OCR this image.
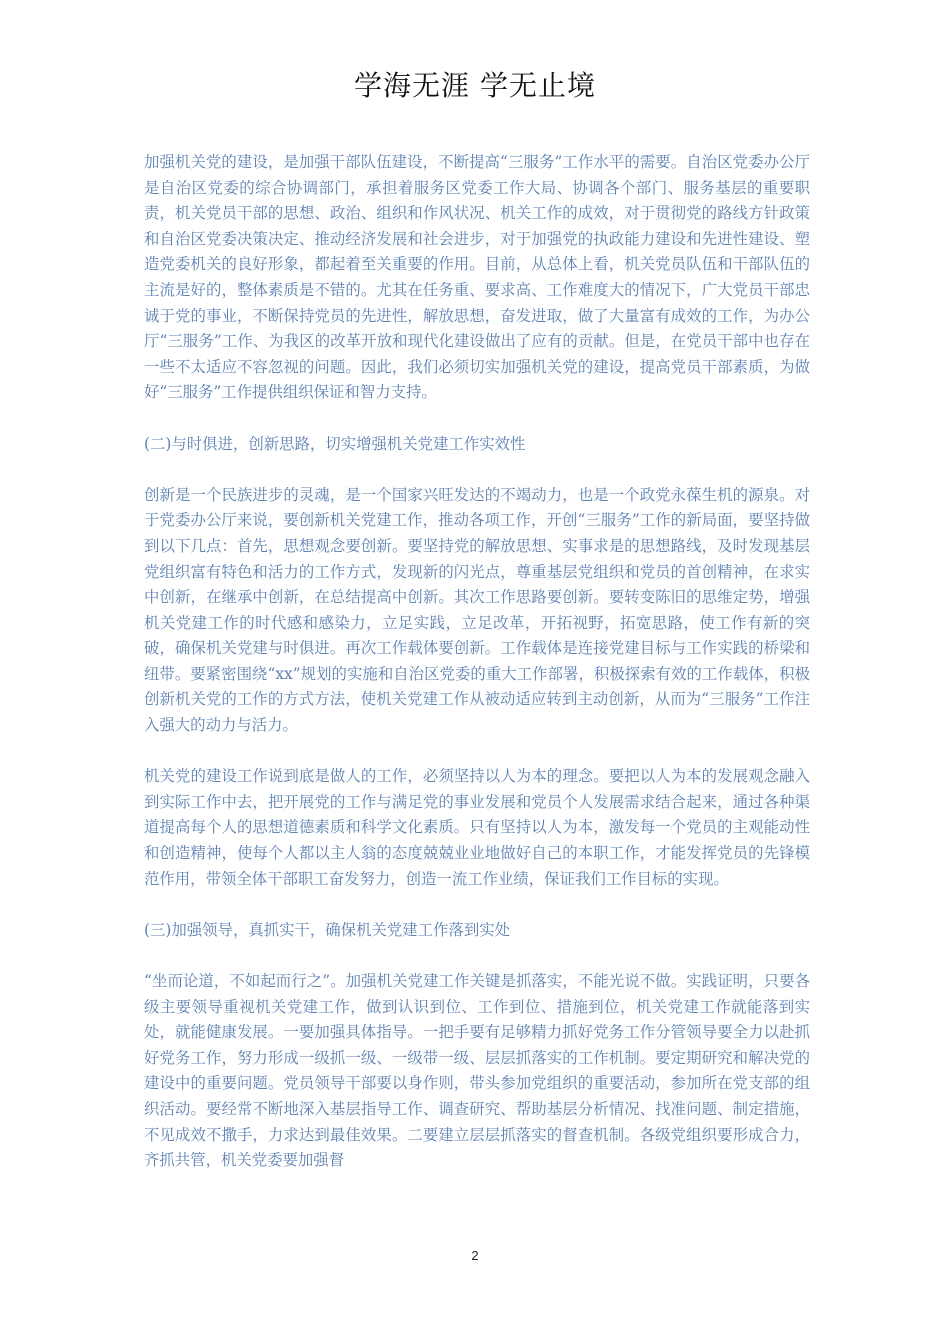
学海无涯 学无止境

加强机关党的建设，是加强干部队伍建设，不断提高“三服务”工作水平的需要。自治区党委办公厅是自治区党委的综合协调部门，承担着服务区党委工作大局、协调各个部门、服务基层的重要职责，机关党员干部的思想、政治、组织和作风状况、机关工作的成效，对于贯彻党的路线方针政策和自治区党委决策决定、推动经济发展和社会进步，对于加强党的执政能力建设和先进性建设、塑造党委机关的良好形象，都起着至关重要的作用。目前，从总体上看，机关党员队伍和干部队伍的主流是好的，整体素质是不错的。尤其在任务重、要求高、工作难度大的情况下，广大党员干部忠诚于党的事业，不断保持党员的先进性，解放思想，奋发进取，做了大量富有成效的工作，为办公厅“三服务”工作、为我区的改革开放和现代化建设做出了应有的贡献。但是，在党员干部中也存在一些不太适应不容忽视的问题。因此，我们必须切实加强机关党的建设，提高党员干部素质，为做好“三服务”工作提供组织保证和智力支持。

(二)与时俱进，创新思路，切实增强机关党建工作实效性

创新是一个民族进步的灵魂，是一个国家兴旺发达的不竭动力，也是一个政党永葆生机的源泉。对于党委办公厅来说，要创新机关党建工作，推动各项工作，开创“三服务”工作的新局面，要坚持做到以下几点：首先，思想观念要创新。要坚持党的解放思想、实事求是的思想路线，及时发现基层党组织富有特色和活力的工作方式，发现新的闪光点，尊重基层党组织和党员的首创精神，在求实中创新，在继承中创新，在总结提高中创新。其次工作思路要创新。要转变陈旧的思维定势，增强机关党建工作的时代感和感染力，立足实践，立足改革，开拓视野，拓宽思路，使工作有新的突破，确保机关党建与时俱进。再次工作载体要创新。工作载体是连接党建目标与工作实践的桥梁和纽带。要紧密围绕“xx”规划的实施和自治区党委的重大工作部署，积极探索有效的工作载体，积极创新机关党的工作的方式方法，使机关党建工作从被动适应转到主动创新，从而为“三服务”工作注入强大的动力与活力。

机关党的建设工作说到底是做人的工作，必须坚持以人为本的理念。要把以人为本的发展观念融入到实际工作中去，把开展党的工作与满足党的事业发展和党员个人发展需求结合起来，通过各种渠道提高每个人的思想道德素质和科学文化素质。只有坚持以人为本，激发每一个党员的主观能动性和创造精神，使每个人都以主人翁的态度兢兢业业地做好自己的本职工作，才能发挥党员的先锋模范作用，带领全体干部职工奋发努力，创造一流工作业绩，保证我们工作目标的实现。

(三)加强领导，真抓实干，确保机关党建工作落到实处

“坐而论道，不如起而行之”。加强机关党建工作关键是抓落实，不能光说不做。实践证明，只要各级主要领导重视机关党建工作，做到认识到位、工作到位、措施到位，机关党建工作就能落到实处，就能健康发展。一要加强具体指导。一把手要有足够精力抓好党务工作分管领导要全力以赴抓好党务工作，努力形成一级抓一级、一级带一级、层层抓落实的工作机制。要定期研究和解决党的建设中的重要问题。党员领导干部要以身作则，带头参加党组织的重要活动，参加所在党支部的组织活动。要经常不断地深入基层指导工作、调查研究、帮助基层分析情况、找准问题、制定措施，不见成效不撒手，力求达到最佳效果。二要建立层层抓落实的督查机制。各级党组织要形成合力，齐抓共管，机关党委要加强督

2
